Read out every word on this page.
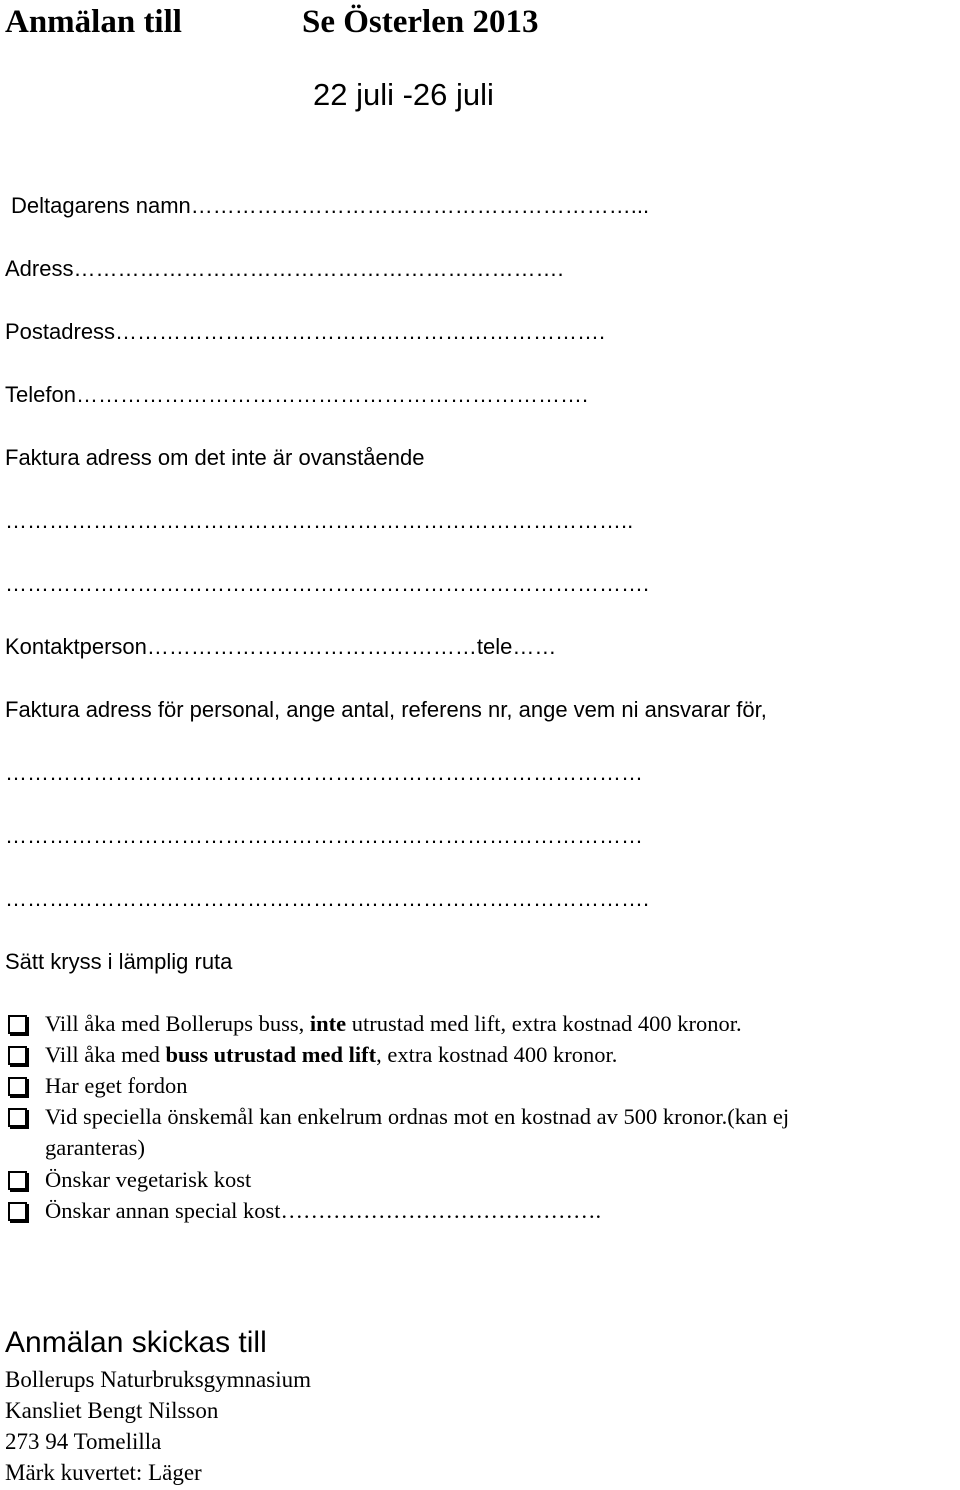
Anmälan till	Se Österlen 2013
22 juli -26 juli
Deltagarens namn……………………………………………………...
Adress………………………………………………………….
Postadress………………………………………………………….
Telefon…………………………………………………………….
Faktura adress om det inte är ovanstående
…………………………………………………………………………..
…………………………………………………………………………….
Kontaktperson………………………………………tele……
Faktura adress för personal, ange antal, referens nr, ange vem ni ansvarar för,
……………………………………………………………………………
……………………………………………………………………………
…………………………………………………………………………….
Sätt kryss i lämplig ruta
Vill åka med Bollerups buss, inte utrustad med lift, extra kostnad 400 kronor.
Vill åka med buss utrustad med lift, extra kostnad 400 kronor.
Har eget fordon
Vid speciella önskemål kan enkelrum ordnas mot en kostnad av 500 kronor.(kan ej
garanteras)
Önskar vegetarisk kost
Önskar annan special kost…………………………………….
Anmälan skickas till
Bollerups Naturbruksgymnasium
Kansliet Bengt Nilsson
273 94 Tomelilla
Märk kuvertet: Läger
